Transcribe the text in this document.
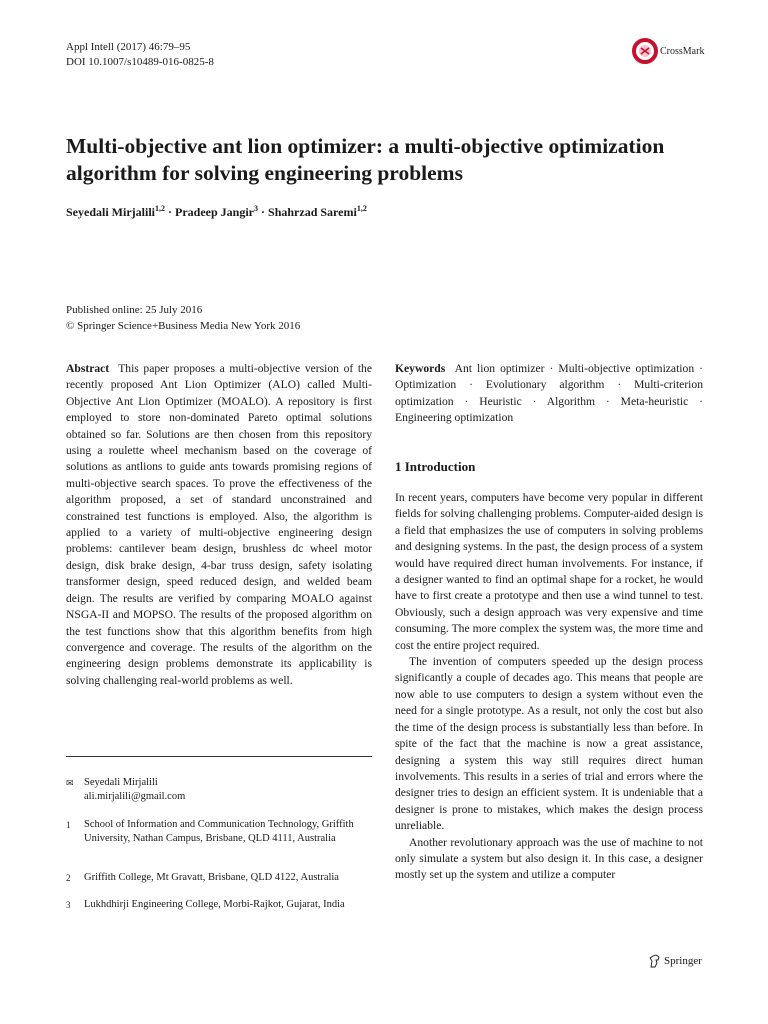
Appl Intell (2017) 46:79–95
DOI 10.1007/s10489-016-0825-8
CrossMark
Multi-objective ant lion optimizer: a multi-objective optimization algorithm for solving engineering problems
Seyedali Mirjalili$^{1,2}$ · Pradeep Jangir$^3$ · Shahrzad Saremi$^{1,2}$
Published online: 25 July 2016
© Springer Science+Business Media New York 2016
Abstract This paper proposes a multi-objective version of the recently proposed Ant Lion Optimizer (ALO) called Multi-Objective Ant Lion Optimizer (MOALO). A repository is first employed to store non-dominated Pareto optimal solutions obtained so far. Solutions are then chosen from this repository using a roulette wheel mechanism based on the coverage of solutions as antlions to guide ants towards promising regions of multi-objective search spaces. To prove the effectiveness of the algorithm proposed, a set of standard unconstrained and constrained test functions is employed. Also, the algorithm is applied to a variety of multi-objective engineering design problems: cantilever beam design, brushless dc wheel motor design, disk brake design, 4-bar truss design, safety isolating transformer design, speed reduced design, and welded beam deign. The results are verified by comparing MOALO against NSGA-II and MOPSO. The results of the proposed algorithm on the test functions show that this algorithm benefits from high convergence and coverage. The results of the algorithm on the engineering design problems demonstrate its applicability is solving challenging real-world problems as well.
Keywords Ant lion optimizer · Multi-objective optimization · Optimization · Evolutionary algorithm · Multi-criterion optimization · Heuristic · Algorithm · Meta-heuristic · Engineering optimization
1 Introduction

In recent years, computers have become very popular in different fields for solving challenging problems. Computer-aided design is a field that emphasizes the use of computers in solving problems and designing systems. In the past, the design process of a system would have required direct human involvements. For instance, if a designer wanted to find an optimal shape for a rocket, he would have to first create a prototype and then use a wind tunnel to test. Obviously, such a design approach was very expensive and time consuming. The more complex the system was, the more time and cost the entire project required.

The invention of computers speeded up the design process significantly a couple of decades ago. This means that people are now able to use computers to design a system without even the need for a single prototype. As a result, not only the cost but also the time of the design process is substantially less than before. In spite of the fact that the machine is now a great assistance, designing a system this way still requires direct human involvements. This results in a series of trial and errors where the designer tries to design an efficient system. It is undeniable that a designer is prone to mistakes, which makes the design process unreliable.

Another revolutionary approach was the use of machine to not only simulate a system but also design it. In this case, a designer mostly set up the system and utilize a computer

✉ Seyedali Mirjalili
ali.mirjalili@gmail.com
1	School of Information and Communication Technology, Griffith University, Nathan Campus, Brisbane, QLD 4111, Australia
2	Griffith College, Mt Gravatt, Brisbane, QLD 4122, Australia
3	Lukhdhirji Engineering College, Morbi-Rajkot, Gujarat, India
Springer
